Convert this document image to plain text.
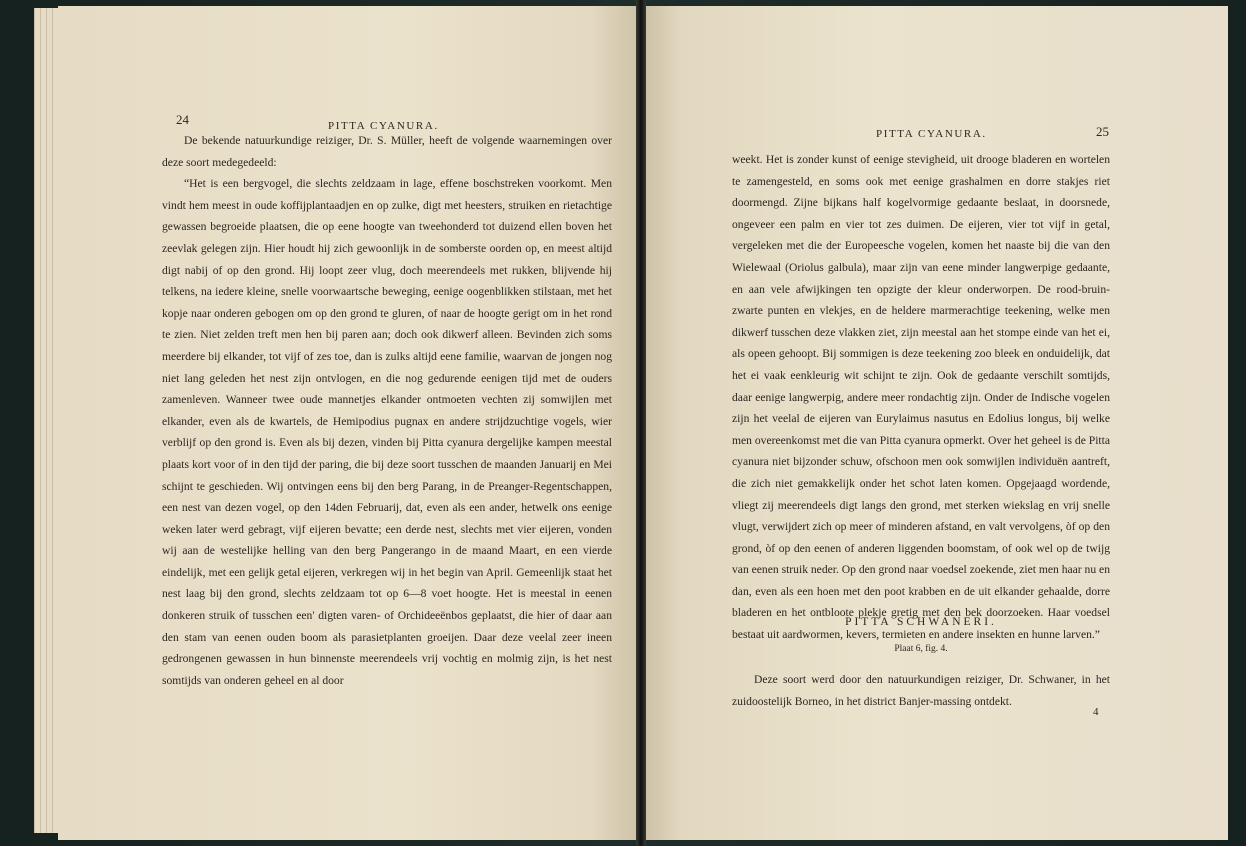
24	PITTA CYANURA.

De bekende natuurkundige reiziger, Dr. S. Müller, heeft de volgende waarnemingen over deze soort medegedeeld:

“Het is een bergvogel, die slechts zeldzaam in lage, effene boschstreken voorkomt. Men vindt hem meest in oude koffijplantaadjen en op zulke, digt met heesters, struiken en rietachtige gewassen begroeide plaatsen, die op eene hoogte van tweehonderd tot duizend ellen boven het zeevlak gelegen zijn. Hier houdt hij zich gewoonlijk in de somberste oorden op, en meest altijd digt nabij of op den grond. Hij loopt zeer vlug, doch meerendeels met rukken, blijvende hij telkens, na iedere kleine, snelle voorwaartsche beweging, eenige oogenblikken stilstaan, met het kopje naar onderen gebogen om op den grond te gluren, of naar de hoogte gerigt om in het rond te zien. Niet zelden treft men hen bij paren aan; doch ook dikwerf alleen. Bevinden zich soms meerdere bij elkander, tot vijf of zes toe, dan is zulks altijd eene familie, waarvan de jongen nog niet lang geleden het nest zijn ontvlogen, en die nog gedurende eenigen tijd met de ouders zamenleven. Wanneer twee oude mannetjes elkander ontmoeten vechten zij somwijlen met elkander, even als de kwartels, de Hemipodius pugnax en andere strijdzuchtige vogels, wier verblijf op den grond is. Even als bij dezen, vinden bij Pitta cyanura dergelijke kampen meestal plaats kort voor of in den tijd der paring, die bij deze soort tusschen de maanden Januarij en Mei schijnt te geschieden. Wij ontvingen eens bij den berg Parang, in de Preanger-Regentschappen, een nest van dezen vogel, op den 14den Februarij, dat, even als een ander, hetwelk ons eenige weken later werd gebragt, vijf eijeren bevatte; een derde nest, slechts met vier eijeren, vonden wij aan de westelijke helling van den berg Pangerango in de maand Maart, en een vierde eindelijk, met een gelijk getal eijeren, verkregen wij in het begin van April. Gemeenlijk staat het nest laag bij den grond, slechts zeldzaam tot op 6—8 voet hoogte. Het is meestal in eenen donkeren struik of tusschen een' digten varen- of Orchideeënbos geplaatst, die hier of daar aan den stam van eenen ouden boom als parasietplanten groeijen. Daar deze veelal zeer ineen gedrongenen gewassen in hun binnenste meerendeels vrij vochtig en molmig zijn, is het nest somtijds van onderen geheel en al door

PITTA CYANURA.	25

weekt. Het is zonder kunst of eenige stevigheid, uit drooge bladeren en wortelen te zamengesteld, en soms ook met eenige grashalmen en dorre stakjes riet doormengd. Zijne bijkans half kogelvormige gedaante beslaat, in doorsnede, ongeveer een palm en vier tot zes duimen. De eijeren, vier tot vijf in getal, vergeleken met die der Europeesche vogelen, komen het naaste bij die van den Wielewaal (Oriolus galbula), maar zijn van eene minder langwerpige gedaante, en aan vele afwijkingen ten opzigte der kleur onderworpen. De rood-bruin-zwarte punten en vlekjes, en de heldere marmerachtige teekening, welke men dikwerf tusschen deze vlakken ziet, zijn meestal aan het stompe einde van het ei, als opeen gehoopt. Bij sommigen is deze teekening zoo bleek en onduidelijk, dat het ei vaak eenkleurig wit schijnt te zijn. Ook de gedaante verschilt somtijds, daar eenige langwerpig, andere meer rondachtig zijn. Onder de Indische vogelen zijn het veelal de eijeren van Eurylaimus nasutus en Edolius longus, bij welke men overeenkomst met die van Pitta cyanura opmerkt. Over het geheel is de Pitta cyanura niet bijzonder schuw, ofschoon men ook somwijlen individuën aantreft, die zich niet gemakkelijk onder het schot laten komen. Opgejaagd wordende, vliegt zij meerendeels digt langs den grond, met sterken wiekslag en vrij snelle vlugt, verwijdert zich op meer of minderen afstand, en valt vervolgens, òf op den grond, òf op den eenen of anderen liggenden boomstam, of ook wel op de twijg van eenen struik neder. Op den grond naar voedsel zoekende, ziet men haar nu en dan, even als een hoen met den poot krabben en de uit elkander gehaalde, dorre bladeren en het ontbloote plekje gretig met den bek doorzoeken. Haar voedsel bestaat uit aardwormen, kevers, termieten en andere insekten en hunne larven.”

PITTA SCHWANERI.
Plaat 6, fig. 4.

Deze soort werd door den natuurkundigen reiziger, Dr. Schwaner, in het zuidoostelijk Borneo, in het district Banjer-massing ontdekt.

4
